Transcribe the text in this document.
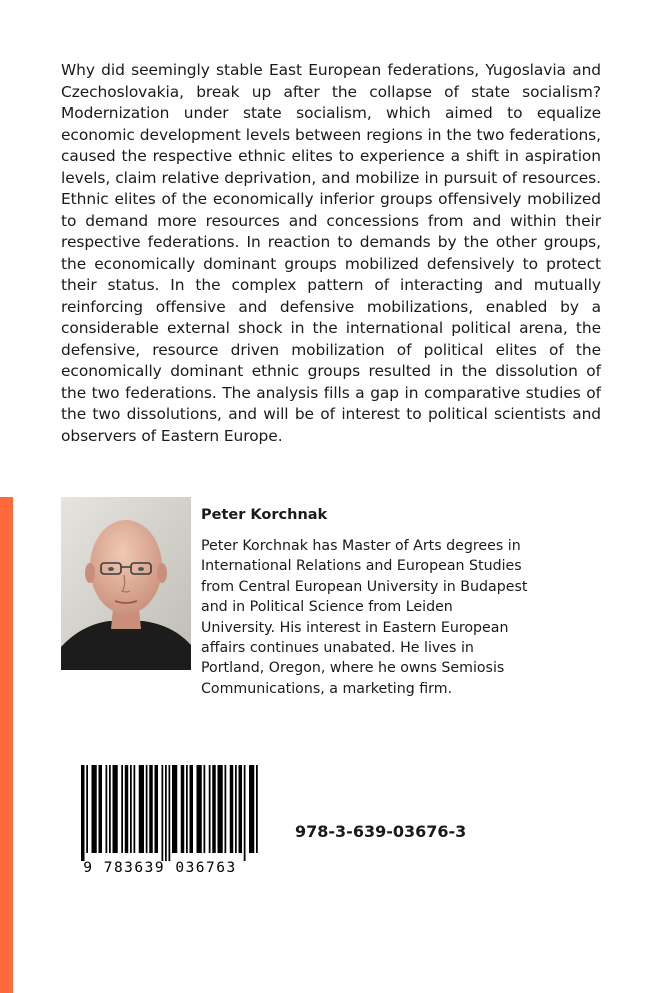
Why did seemingly stable East European federations, Yugoslavia and Czechoslovakia, break up after the collapse of state socialism? Modernization under state socialism, which aimed to equalize economic development levels between regions in the two federations, caused the respective ethnic elites to experience a shift in aspiration levels, claim relative deprivation, and mobilize in pursuit of resources. Ethnic elites of the economically inferior groups offensively mobilized to demand more resources and concessions from and within their respective federations. In reaction to demands by the other groups, the economically dominant groups mobilized defensively to protect their status. In the complex pattern of interacting and mutually reinforcing offensive and defensive mobilizations, enabled by a considerable external shock in the international political arena, the defensive, resource driven mobilization of political elites of the economically dominant ethnic groups resulted in the dissolution of the two federations. The analysis fills a gap in comparative studies of the two dissolutions, and will be of interest to political scientists and observers of Eastern Europe.

Peter Korchnak

Peter Korchnak has Master of Arts degrees in International Relations and European Studies from Central European University in Budapest and in Political Science from Leiden University. His interest in Eastern European affairs continues unabated. He lives in Portland, Oregon, where he owns Semiosis Communications, a marketing firm.

9 783639 036763

978-3-639-03676-3
